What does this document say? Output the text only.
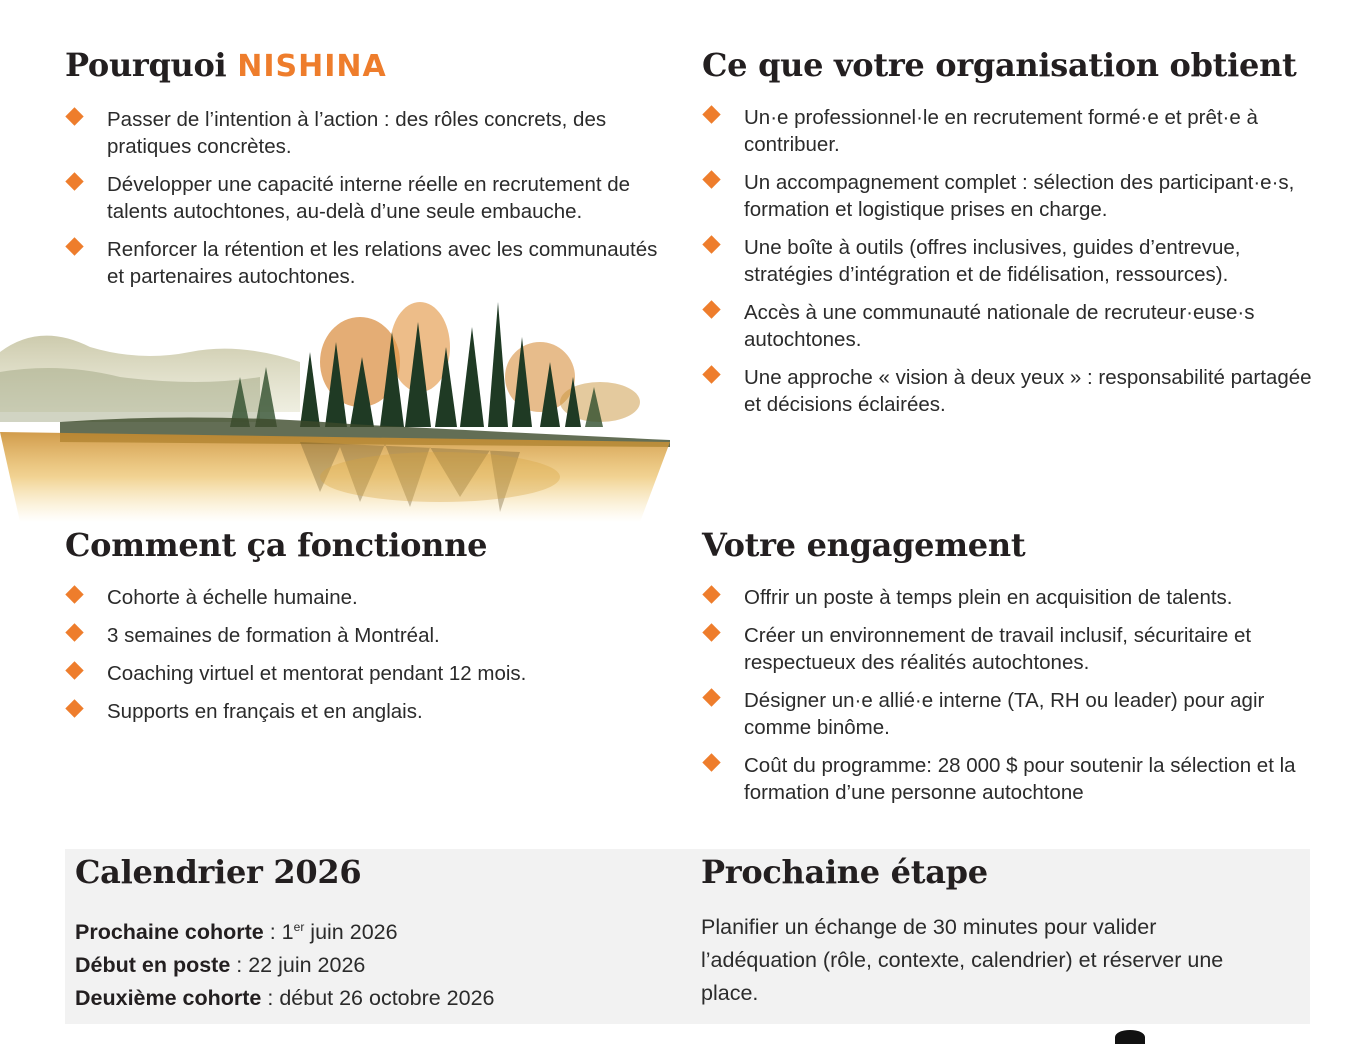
Pourquoi NISHINA
Passer de l’intention à l’action : des rôles concrets, des pratiques concrètes.
Développer une capacité interne réelle en recrutement de talents autochtones, au-delà d’une seule embauche.
Renforcer la rétention et les relations avec les communautés et partenaires autochtones.
Ce que votre organisation obtient
Un·e professionnel·le en recrutement formé·e et prêt·e à contribuer.
Un accompagnement complet : sélection des participant·e·s, formation et logistique prises en charge.
Une boîte à outils (offres inclusives, guides d’entrevue, stratégies d’intégration et de fidélisation, ressources).
Accès à une communauté nationale de recruteur·euse·s autochtones.
Une approche « vision à deux yeux » : responsabilité partagée et décisions éclairées.
Comment ça fonctionne
Cohorte à échelle humaine.
3 semaines de formation à Montréal.
Coaching virtuel et mentorat pendant 12 mois.
Supports en français et en anglais.
Votre engagement
Offrir un poste à temps plein en acquisition de talents.
Créer un environnement de travail inclusif, sécuritaire et respectueux des réalités autochtones.
Désigner un·e allié·e interne (TA, RH ou leader) pour agir comme binôme.
Coût du programme: 28 000 $ pour soutenir la sélection et la formation d’une personne autochtone
Calendrier 2026
Prochaine cohorte : 1er juin 2026
Début en poste : 22 juin 2026
Deuxième cohorte : début 26 octobre 2026
Prochaine étape

Planifier un échange de 30 minutes pour valider l’adéquation (rôle, contexte, calendrier) et réserver une place.
